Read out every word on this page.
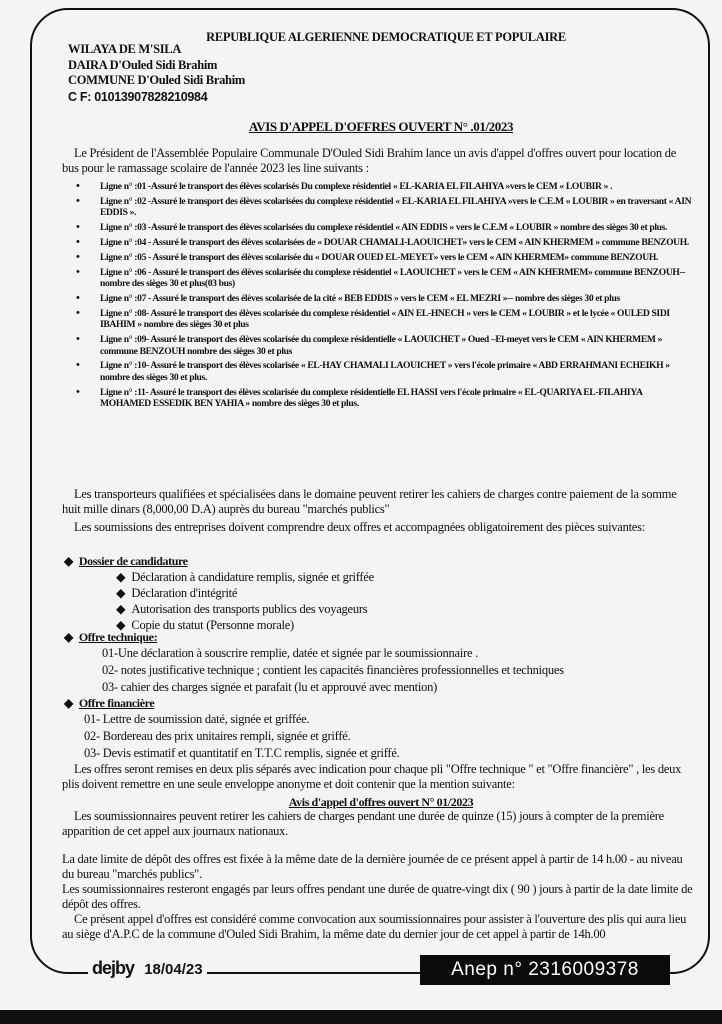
REPUBLIQUE ALGERIENNE DEMOCRATIQUE ET POPULAIRE
WILAYA DE M'SILA
DAIRA D'Ouled Sidi Brahim
COMMUNE D'Ouled Sidi Brahim
C F: 01013907828210984
AVIS D'APPEL D'OFFRES OUVERT N° .01/2023
Le Président de l'Assemblée Populaire Communale D'Ouled Sidi Brahim lance un avis d'appel d'offres ouvert pour location de bus pour le ramassage scolaire de l'année 2023 les line suivants :
• Ligne n° :01 -Assuré le transport des élèves scolarisés Du complexe résidentiel « EL-KARIA EL FILAHIYA »vers le CEM « LOUBIR » .
• Ligne n° :02 -Assuré le transport des élèves scolarisées du complexe résidentiel « EL-KARIA EL FILAHIYA »vers le C.E.M « LOUBIR » en traversant « AIN EDDIS ».
• Ligne n° :03 -Assuré le transport des élèves scolarisées du complexe résidentiel « AIN EDDIS » vers le C.E.M « LOUBIR » nombre des sièges 30 et plus.
• Ligne n° :04 - Assuré le transport des élèves scolarisées de « DOUAR CHAMALI-LAOUICHET» vers le CEM « AIN KHERMEM » commune BENZOUH.
• Ligne n° :05 - Assuré le transport des élèves scolarisée du « DOUAR OUED EL-MEYET» vers le CEM « AIN KHERMEM» commune BENZOUH.
• Ligne n° :06 - Assuré le transport des élèves scolarisée du complexe résidentiel « LAOUICHET » vers le CEM « AIN KHERMEM» commune BENZOUH--nombre des sièges 30 et plus(03 bus)
• Ligne n° :07 - Assuré le transport des élèves scolarisée de la cité « BEB EDDIS » vers le CEM « EL MEZRI »-- nombre des sièges 30 et plus
• Ligne n° :08- Assuré le transport des élèves scolarisée du complexe résidentiel « AIN EL-HNECH » vers le CEM « LOUBIR » et le lycée « OULED SIDI IBAHIM » nombre des sièges 30 et plus
• Ligne n° :09- Assuré le transport des élèves scolarisée du complexe résidentielle « LAOUICHET » Oued –El-meyet vers le CEM « AIN KHERMEM » commune BENZOUH nombre des sièges 30 et plus
• Ligne n° :10- Assuré le transport des élèves scolarisée « EL-HAY CHAMALI LAOUICHET » vers l'école primaire « ABD ERRAHMANI ECHEIKH » nombre des sièges 30 et plus.
• Ligne n° :11- Assuré le transport des élèves scolarisée du complexe résidentielle EL HASSI vers l'école primaire « EL-QUARIYA EL-FILAHIYA MOHAMED ESSEDIK BEN YAHIA » nombre des sièges 30 et plus.
Les transporteurs qualifiées et spécialisées dans le domaine peuvent retirer les cahiers de charges contre paiement de la somme huit mille dinars (8,000,00 D.A) auprès du bureau "marchés publics"
Les soumissions des entreprises doivent comprendre deux offres et accompagnées obligatoirement des pièces suivantes:
◆ Dossier de candidature
◆ Déclaration à candidature remplis, signée et griffée
◆ Déclaration d'intégrité
◆ Autorisation des transports publics des voyageurs
◆ Copie du statut (Personne morale)
◆ Offre technique:
01-Une déclaration à souscrire remplie, datée et signée par le soumissionnaire .
02- notes justificative technique ; contient les capacités financières professionnelles et techniques
03- cahier des charges signée et parafait (lu et approuvé avec mention)
◆ Offre financière
01- Lettre de soumission daté, signée et griffée.
02- Bordereau des prix unitaires rempli, signée et griffé.
03- Devis estimatif et quantitatif en T.T.C remplis, signée et griffé.
Les offres seront remises en deux plis séparés avec indication pour chaque pli "Offre technique " et "Offre financière" , les deux plis doivent remettre en une seule enveloppe anonyme et doit contenir que la mention suivante:
Avis d'appel d'offres ouvert N° 01/2023
Les soumissionnaires peuvent retirer les cahiers de charges pendant une durée de quinze (15) jours à compter de la première apparition de cet appel aux journaux nationaux.
La date limite de dépôt des offres est fixée à la même date de la dernière journée de ce présent appel à partir de 14 h.00 - au niveau du bureau "marchés publics".
Les soumissionnaires resteront engagés par leurs offres pendant une durée de quatre-vingt dix ( 90 ) jours à partir de la date limite de dépôt des offres.
Ce présent appel d'offres est considéré comme convocation aux soumissionnaires pour assister à l'ouverture des plis qui aura lieu au siège d'A.P.C de la commune d'Ouled Sidi Brahim, la même date du dernier jour de cet appel à partir de 14h.00
dejby 18/04/23	Anep n° 2316009378
